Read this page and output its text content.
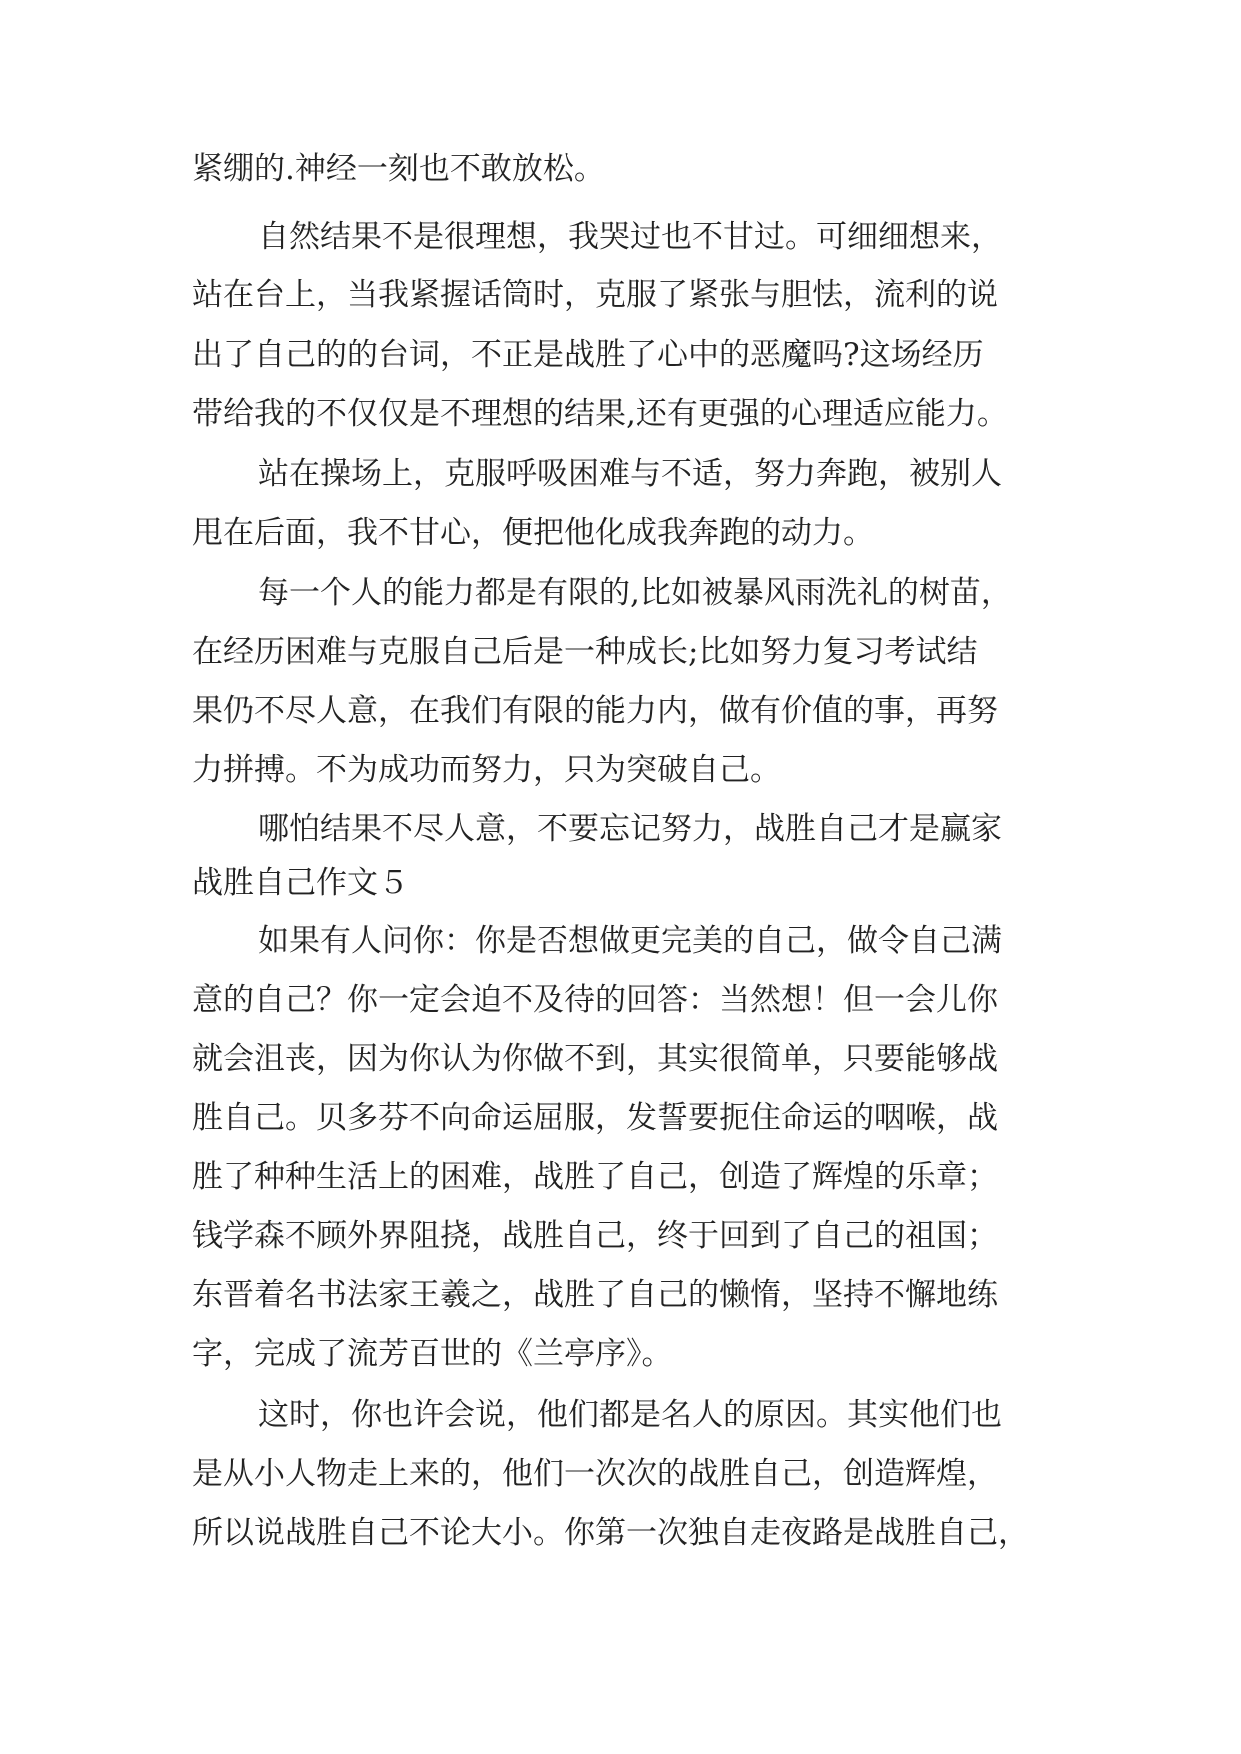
紧绷的.神经一刻也不敢放松。

自然结果不是很理想，我哭过也不甘过。可细细想来，

站在台上，当我紧握话筒时，克服了紧张与胆怯，流利的说

出了自己的的台词，不正是战胜了心中的恶魔吗?这场经历

带给我的不仅仅是不理想的结果,还有更强的心理适应能力。

站在操场上，克服呼吸困难与不适，努力奔跑，被别人

甩在后面，我不甘心，便把他化成我奔跑的动力。

每一个人的能力都是有限的,比如被暴风雨洗礼的树苗，

在经历困难与克服自己后是一种成长;比如努力复习考试结

果仍不尽人意，在我们有限的能力内，做有价值的事，再努

力拼搏。不为成功而努力，只为突破自己。

哪怕结果不尽人意，不要忘记努力，战胜自己才是赢家

战胜自己作文５

如果有人问你：你是否想做更完美的自己，做令自己满

意的自己？你一定会迫不及待的回答：当然想！但一会儿你

就会沮丧，因为你认为你做不到，其实很简单，只要能够战

胜自己。贝多芬不向命运屈服，发誓要扼住命运的咽喉，战

胜了种种生活上的困难，战胜了自己，创造了辉煌的乐章；

钱学森不顾外界阻挠，战胜自己，终于回到了自己的祖国；

东晋着名书法家王羲之，战胜了自己的懒惰，坚持不懈地练

字，完成了流芳百世的《兰亭序》。

这时，你也许会说，他们都是名人的原因。其实他们也

是从小人物走上来的，他们一次次的战胜自己，创造辉煌，

所以说战胜自己不论大小。你第一次独自走夜路是战胜自己，
